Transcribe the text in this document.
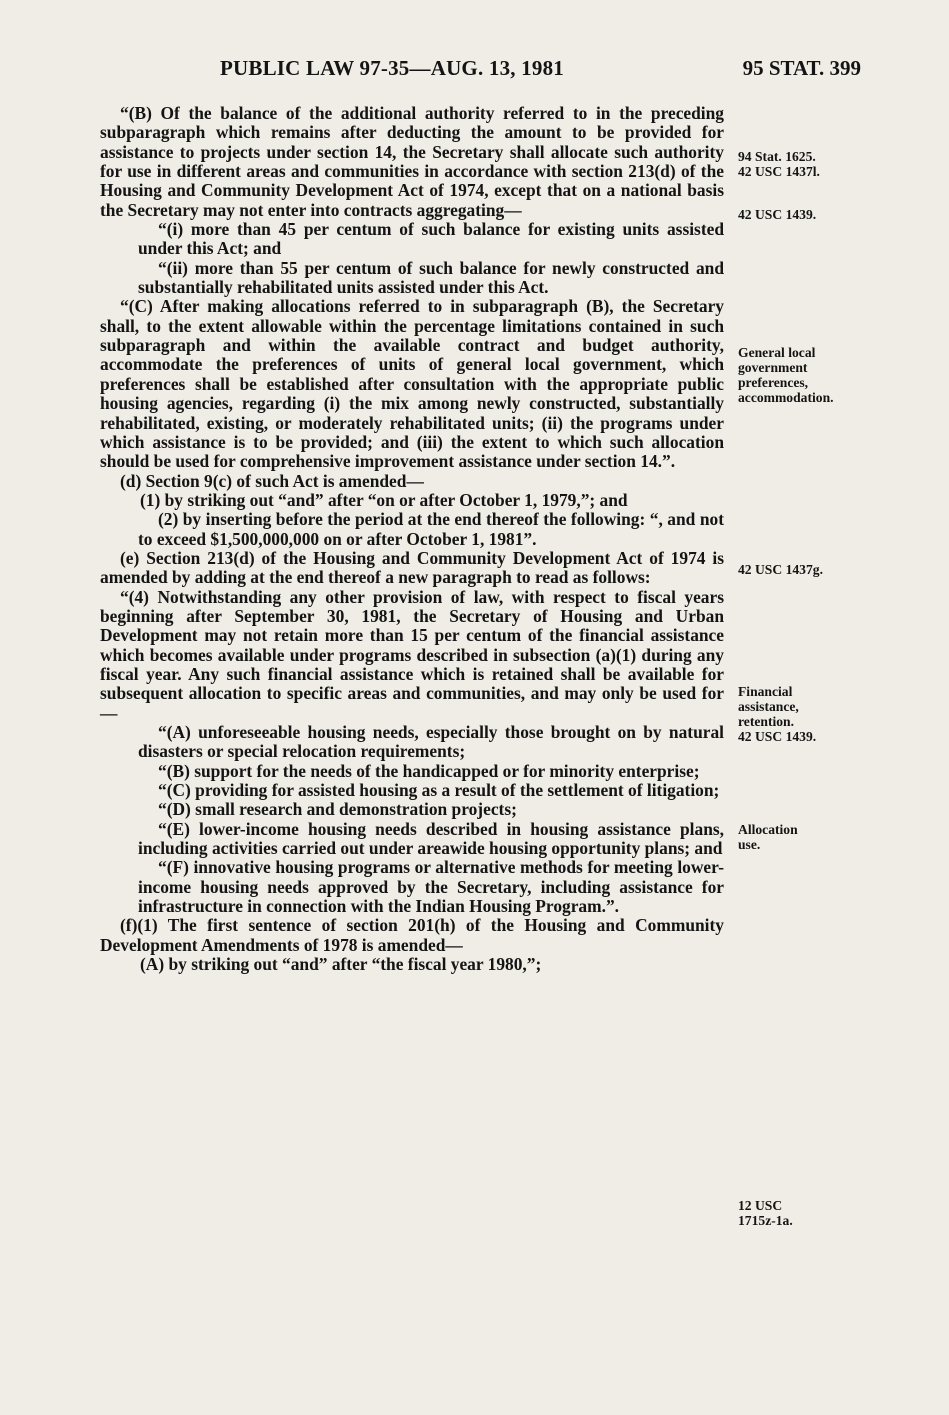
PUBLIC LAW 97-35—AUG. 13, 1981	95 STAT. 399

“(B) Of the balance of the additional authority referred to in the preceding subparagraph which remains after deducting the amount to be provided for assistance to projects under section 14, the Secretary shall allocate such authority for use in different areas and communities in accordance with section 213(d) of the Housing and Community Development Act of 1974, except that on a national basis the Secretary may not enter into contracts aggregating—

“(i) more than 45 per centum of such balance for existing units assisted under this Act; and

“(ii) more than 55 per centum of such balance for newly constructed and substantially rehabilitated units assisted under this Act.

“(C) After making allocations referred to in subparagraph (B), the Secretary shall, to the extent allowable within the percentage limitations contained in such subparagraph and within the available contract and budget authority, accommodate the preferences of units of general local government, which preferences shall be established after consultation with the appropriate public housing agencies, regarding (i) the mix among newly constructed, substantially rehabilitated, existing, or moderately rehabilitated units; (ii) the programs under which assistance is to be provided; and (iii) the extent to which such allocation should be used for comprehensive improvement assistance under section 14.”.

(d) Section 9(c) of such Act is amended—

(1) by striking out “and” after “on or after October 1, 1979,”; and

(2) by inserting before the period at the end thereof the following: “, and not to exceed $1,500,000,000 on or after October 1, 1981”.

(e) Section 213(d) of the Housing and Community Development Act of 1974 is amended by adding at the end thereof a new paragraph to read as follows:

“(4) Notwithstanding any other provision of law, with respect to fiscal years beginning after September 30, 1981, the Secretary of Housing and Urban Development may not retain more than 15 per centum of the financial assistance which becomes available under programs described in subsection (a)(1) during any fiscal year. Any such financial assistance which is retained shall be available for subsequent allocation to specific areas and communities, and may only be used for—

“(A) unforeseeable housing needs, especially those brought on by natural disasters or special relocation requirements;

“(B) support for the needs of the handicapped or for minority enterprise;

“(C) providing for assisted housing as a result of the settlement of litigation;

“(D) small research and demonstration projects;

“(E) lower-income housing needs described in housing assistance plans, including activities carried out under areawide housing opportunity plans; and

“(F) innovative housing programs or alternative methods for meeting lower-income housing needs approved by the Secretary, including assistance for infrastructure in connection with the Indian Housing Program.”.

(f)(1) The first sentence of section 201(h) of the Housing and Community Development Amendments of 1978 is amended—

(A) by striking out “and” after “the fiscal year 1980,”;

94 Stat. 1625.
42 USC 1437l.
42 USC 1439.
General local government preferences, accommodation.
42 USC 1437g.
Financial assistance, retention.
42 USC 1439.
Allocation use.
12 USC 1715z-1a.
